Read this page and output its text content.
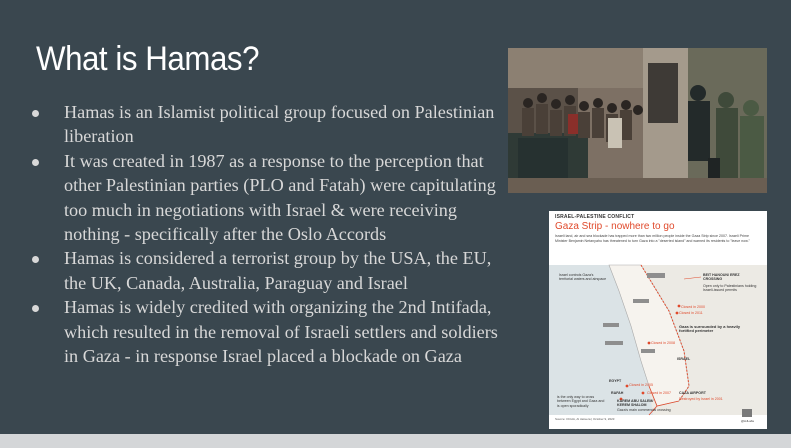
What is Hamas?
Hamas is an Islamist political group focused on Palestinian liberation
It was created in 1987 as a response to the perception that other Palestinian parties (PLO and Fatah) were capitulating too much in negotiations with Israel & were receiving nothing - specifically after the Oslo Accords
Hamas is considered a terrorist group by the USA, the EU, the UK, Canada, Australia, Paraguay and Israel
Hamas is widely credited with organizing the 2nd Intifada, which resulted in the removal of Israeli settlers and soldiers in Gaza - in response Israel placed a blockade on Gaza
ISRAEL-PALESTINE CONFLICT
Gaza Strip - nowhere to go
Israeli land, air and sea blockade has trapped more than two million people inside the Gaza Strip since 2007. Israeli Prime Minister Benjamin Netanyahu has threatened to turn Gaza into a "deserted island" and warned its residents to "leave now."
Israel controls Gaza's territorial waters and airspace
BEIT HANOUN/ EREZ CROSSING
Open only to Palestinians holding Israeli-issued permits
Closed in 2000
Closed in 2011
Gaza is surrounded by a heavily fortified perimeter
Closed in 2008
ISRAEL
Closed in 2005
EGYPT
RAFAH
is the only way to cross between Egypt and Gaza and is open sporadically
Closed in 2007
KAREM ABU SALEM/ KEREM SHALOM
Gaza's main commercial crossing
CAZA AIRPORT
Destroyed by Israel in 2001
Source: OCHA, Al Jazeera | October 9, 2023	@AJLabs
